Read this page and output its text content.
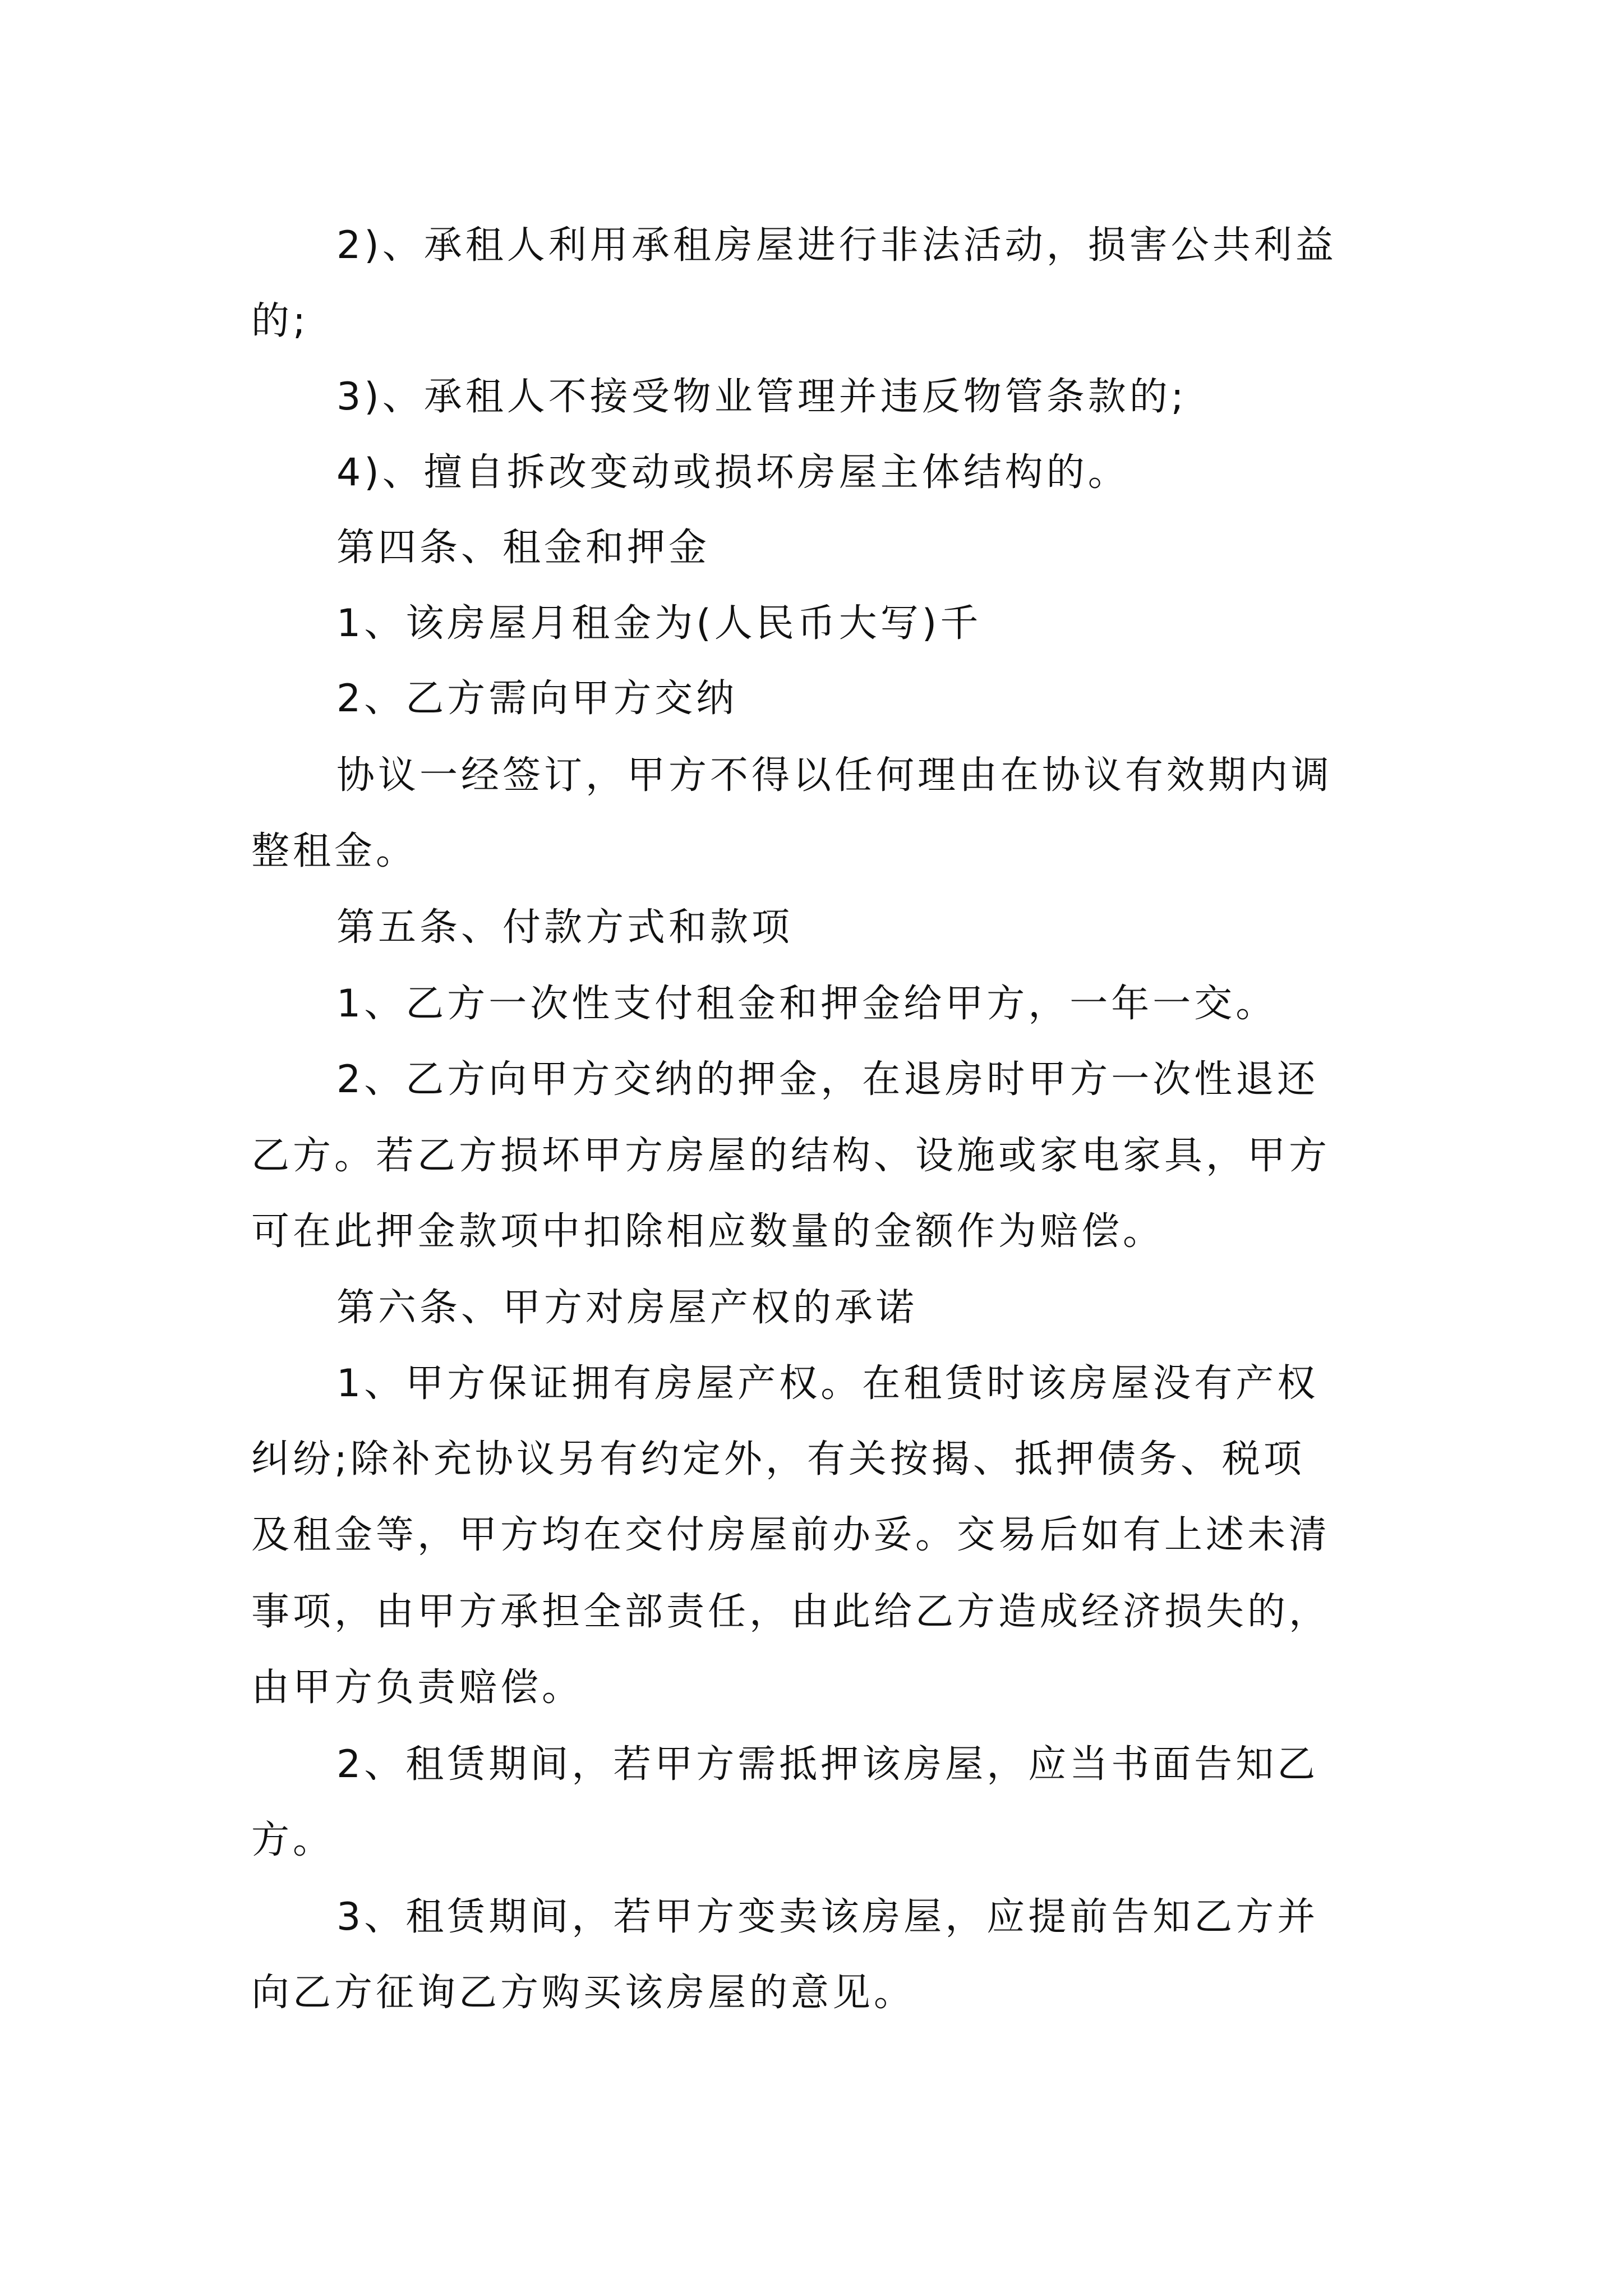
2)、承租人利用承租房屋进行非法活动，损害公共利益
的;
3)、承租人不接受物业管理并违反物管条款的;
4)、擅自拆改变动或损坏房屋主体结构的。
第四条、租金和押金
1、该房屋月租金为(人民币大写)千
2、乙方需向甲方交纳
协议一经签订，甲方不得以任何理由在协议有效期内调
整租金。
第五条、付款方式和款项
1、乙方一次性支付租金和押金给甲方，一年一交。
2、乙方向甲方交纳的押金，在退房时甲方一次性退还
乙方。若乙方损坏甲方房屋的结构、设施或家电家具，甲方
可在此押金款项中扣除相应数量的金额作为赔偿。
第六条、甲方对房屋产权的承诺
1、甲方保证拥有房屋产权。在租赁时该房屋没有产权
纠纷;除补充协议另有约定外，有关按揭、抵押债务、税项
及租金等，甲方均在交付房屋前办妥。交易后如有上述未清
事项，由甲方承担全部责任，由此给乙方造成经济损失的，
由甲方负责赔偿。
2、租赁期间，若甲方需抵押该房屋，应当书面告知乙
方。
3、租赁期间，若甲方变卖该房屋，应提前告知乙方并
向乙方征询乙方购买该房屋的意见。
